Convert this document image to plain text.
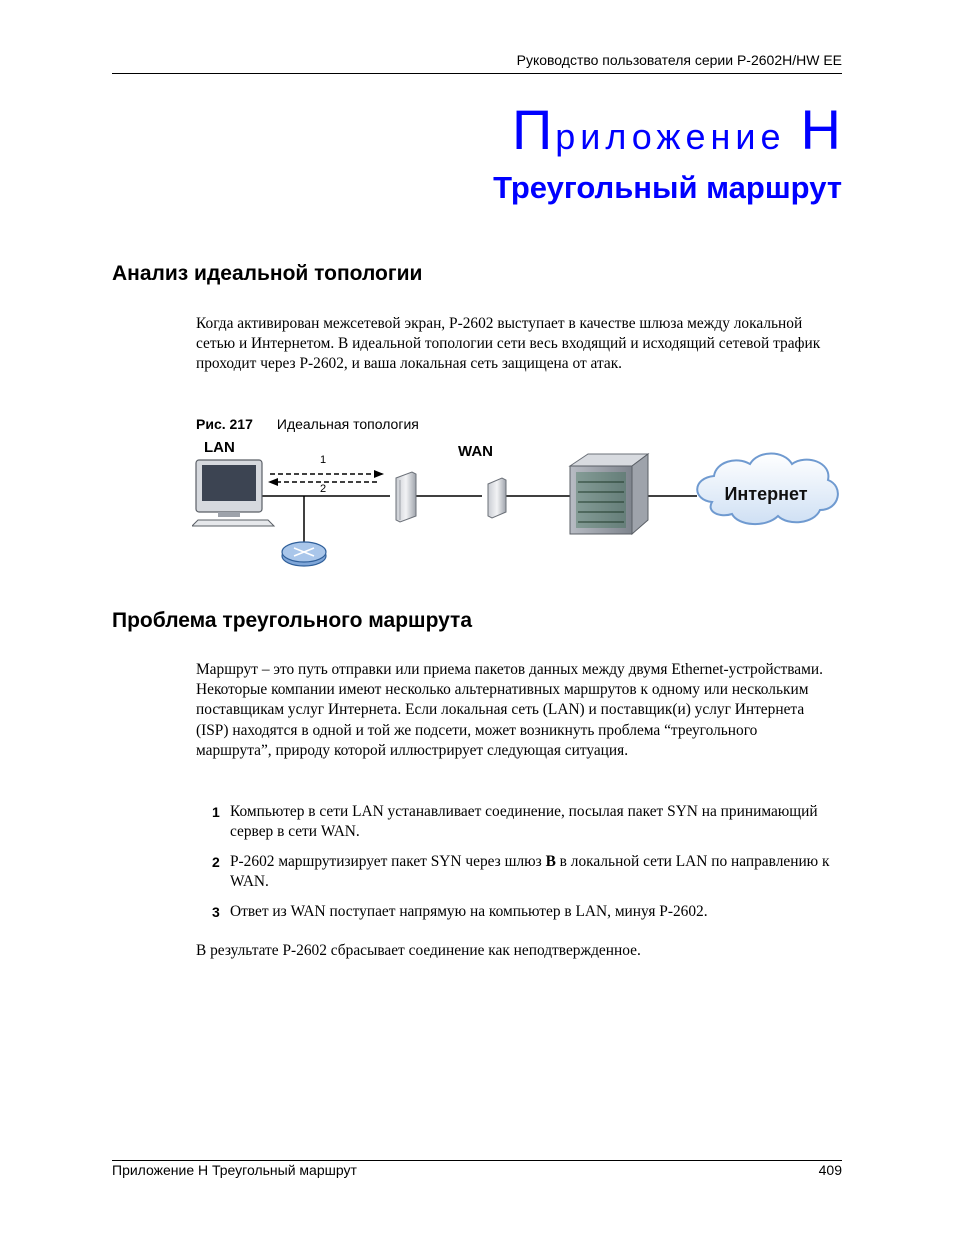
Руководство пользователя серии P-2602H/HW EE
Приложение H
Треугольный маршрут
Анализ идеальной топологии
Когда активирован межсетевой экран, P-2602 выступает в качестве шлюза между локальной сетью и Интернетом. В идеальной топологии сети весь входящий и исходящий сетевой трафик проходит через P-2602, и ваша локальная сеть защищена от атак.
Рис. 217 Идеальная топология
LAN	WAN
1
2	Интернет
Проблема треугольного маршрута
Маршрут – это путь отправки или приема пакетов данных между двумя Ethernet-устройствами. Некоторые компании имеют несколько альтернативных маршрутов к одному или нескольким поставщикам услуг Интернета. Если локальная сеть (LAN) и поставщик(и) услуг Интернета (ISP) находятся в одной и той же подсети, может возникнуть проблема “треугольного маршрута”, природу которой иллюстрирует следующая ситуация.
1 Компьютер в сети LAN устанавливает соединение, посылая пакет SYN на принимающий сервер в сети WAN.
2 P-2602 маршрутизирует пакет SYN через шлюз B в локальной сети LAN по направлению к WAN.
3 Ответ из WAN поступает напрямую на компьютер в LAN, минуя P-2602.
В результате P-2602 сбрасывает соединение как неподтвержденное.
Приложение H Треугольный маршрут	409
